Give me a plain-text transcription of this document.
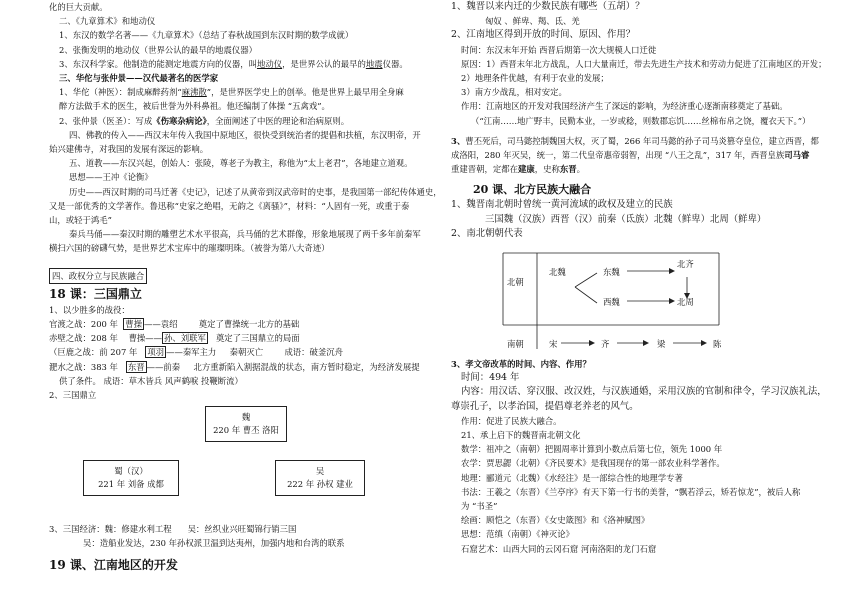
化的巨大贡献。

二、《九章算术》和地动仪

1、东汉的数学名著——《九章算术》（总结了春秋战国到东汉时期的数学成就）

2、张衡发明的地动仪（世界公认的最早的地震仪器）

3、东汉科学家。他制造的能测定地震方向的仪器，叫地动仪，是世界公认的最早的地震仪器。

三、华佗与张仲景——汉代最著名的医学家

1、华佗（神医）：制成麻醉药剂“麻沸散”，是世界医学史上的创举。他是世界上最早用全身麻

醉方法做手术的医生，被后世誉为外科鼻祖。他还编制了体操 “五禽戏”。

2、张仲景（医圣）：写成《伤寒杂病论》，全面阐述了中医的理论和治病原则。

四、佛教的传入——西汉末年传入我国中原地区，很快受到统治者的提倡和扶植，东汉明帝，开

始兴建佛寺，对我国的发展有深远的影响。

五、道教——东汉兴起，创始人：张陵，尊老子为教主，称他为“太上老君”，各地建立道观。

思想——王冲《论衡》

历史——西汉时期的司马迁著《史记》，记述了从黄帝到汉武帝时的史事，是我国第一部纪传体通史，

又是一部优秀的文学著作。鲁迅称“史家之绝唱，无韵之《离骚》”，材料：“人固有一死，或重于泰

山，或轻于鸿毛”

秦兵马俑——秦汉时期的雕塑艺术水平很高，兵马俑的艺术群像，形象地展现了两千多年前秦军

横扫六国的磅礴气势，是世界艺术宝库中的璀璨明珠。（被誉为第八大奇迹）

四、政权分立与民族融合

18 课：三国鼎立

1、以少胜多的战役：

官渡之战：200 年 曹操 ——袁绍	奠定了曹操统一北方的基础

赤壁之战：208 年 曹操—— 孙、刘联军 奠定了三国鼎立的局面

（巨鹿之战：前 207 年 项羽 ——秦军主力 秦朝灭亡	成语：破釜沉舟

淝水之战：383 年 东晋 ——前秦 北方重新陷入割据混战的状态，南方暂时稳定，为经济发展提

供了条件。 成语：草木皆兵 风声鹤唳 投鞭断流）

2、三国鼎立

魏
220 年 曹丕 洛阳
蜀（汉）
221 年 刘备 成都
吴
222 年 孙权 建业

3、三国经济：魏：修建水利工程 吴：丝织业兴旺蜀锦行销三国

吴：造船业发达，230 年孙权派卫温到达夷州，加强内地和台湾的联系

19 课、江南地区的开发

1、魏晋以来内迁的少数民族有哪些（五胡）？

匈奴 、鲜卑、羯、氐、羌

2、江南地区得到开放的时间、原因、作用？

时间：东汉末年开始 西晋后期第一次大规模人口迁徙

原因：1）西晋末年北方战乱，人口大量南迁，带去先进生产技术和劳动力促进了江南地区的开发；

2）地理条件优越，有利于农业的发展；

3）南方少战乱，相对安定。

作用：江南地区的开发对我国经济产生了深远的影响，为经济重心逐渐南移奠定了基础。

（“江南……地广野丰，民勤本业，一岁或稔，则数郡忘饥……丝棉布帛之饶，覆衣天下。”）

3、曹丕死后，司马懿控制魏国大权，灭了蜀，266 年司马懿的孙子司马炎篡夺皇位，建立西晋，都

成洛阳，280 年灭吴，统一，第二代皇帝惠帝弱智，出现 “八王之乱”，317 年，西晋皇族司马睿

重建晋朝，定都在建康，史称东晋。

20 课、北方民族大融合

1、魏晋南北朝时曾统一黄河流域的政权及建立的民族

三国魏（汉族）西晋（汉）前秦（氐族）北魏（鲜卑）北周（鲜卑）

2、南北朝朝代表

北朝
北魏	东魏
西魏
北齐
北周
南朝	宋	齐	梁	陈

3、孝文帝改革的时间、内容、作用？

时间：494 年

内容：用汉话、穿汉服、改汉姓，与汉族通婚，采用汉族的官制和律令，学习汉族礼法，

尊崇孔子，以孝治国，提倡尊老养老的风气。

作用：促进了民族大融合。

21、承上启下的魏晋南北朝文化

数学：祖冲之（南朝）把圆周率计算到小数点后第七位，领先 1000 年

农学：贾思勰（北朝）《齐民要术》是我国现存的第一部农业科学著作。

地理：郦道元（北魏）《水经注》是一部综合性的地理学专著

书法：王羲之（东晋）《兰亭序》有天下第一行书的美誉，“飘若浮云，矫若惊龙”，被后人称

为 “书圣”

绘画：顾恺之（东晋）《女史箴图》和《洛神赋图》

思想：范缜（南朝）《神灭论》

石窟艺术：山西大同的云冈石窟 河南洛阳的龙门石窟
